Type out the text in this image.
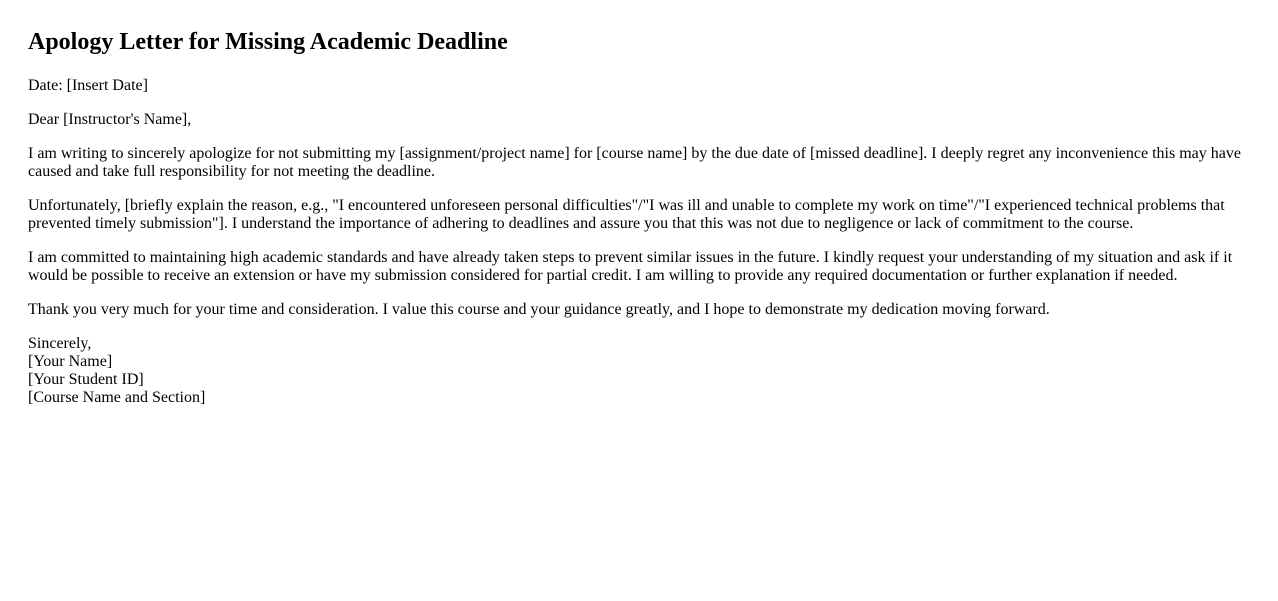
Apology Letter for Missing Academic Deadline

Date: [Insert Date]

Dear [Instructor's Name],

I am writing to sincerely apologize for not submitting my [assignment/project name] for [course name] by the due date of [missed deadline]. I deeply regret any inconvenience this may have caused and take full responsibility for not meeting the deadline.

Unfortunately, [briefly explain the reason, e.g., "I encountered unforeseen personal difficulties"/"I was ill and unable to complete my work on time"/"I experienced technical problems that prevented timely submission"]. I understand the importance of adhering to deadlines and assure you that this was not due to negligence or lack of commitment to the course.

I am committed to maintaining high academic standards and have already taken steps to prevent similar issues in the future. I kindly request your understanding of my situation and ask if it would be possible to receive an extension or have my submission considered for partial credit. I am willing to provide any required documentation or further explanation if needed.

Thank you very much for your time and consideration. I value this course and your guidance greatly, and I hope to demonstrate my dedication moving forward.

Sincerely,
[Your Name]
[Your Student ID]
[Course Name and Section]
